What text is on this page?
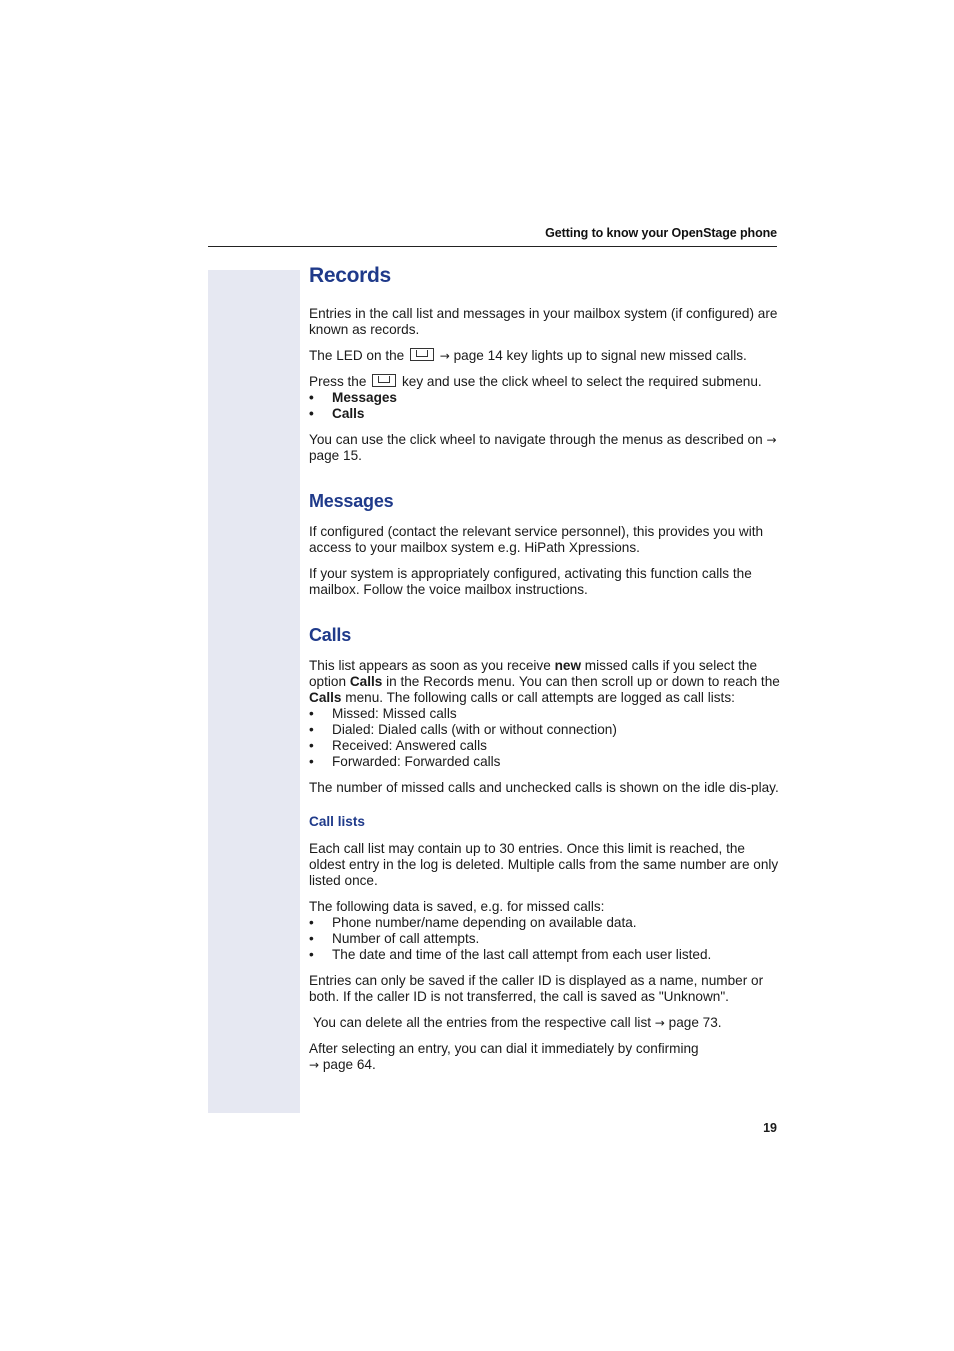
Getting to know your OpenStage phone
Records

Entries in the call list and messages in your mailbox system (if configured) are known as records.

The LED on the	→ page 14 key lights up to signal new missed calls.

Press the	key and use the click wheel to select the required submenu.

• Messages
• Calls

You can use the click wheel to navigate through the menus as described on → page 15.

Messages

If configured (contact the relevant service personnel), this provides you with access to your mailbox system e.g. HiPath Xpressions.

If your system is appropriately configured, activating this function calls the mailbox. Follow the voice mailbox instructions.

Calls

This list appears as soon as you receive new missed calls if you select the option Calls in the Records menu. You can then scroll up or down to reach the Calls menu. The following calls or call attempts are logged as call lists:

• Missed: Missed calls
• Dialed: Dialed calls (with or without connection)
• Received: Answered calls
• Forwarded: Forwarded calls

The number of missed calls and unchecked calls is shown on the idle dis-play.

Call lists

Each call list may contain up to 30 entries. Once this limit is reached, the oldest entry in the log is deleted. Multiple calls from the same number are only listed once.

The following data is saved, e.g. for missed calls:

• Phone number/name depending on available data.
• Number of call attempts.
• The date and time of the last call attempt from each user listed.

Entries can only be saved if the caller ID is displayed as a name, number or both. If the caller ID is not transferred, the call is saved as "Unknown".

You can delete all the entries from the respective call list → page 73.

After selecting an entry, you can dial it immediately by confirming
→ page 64.

19
